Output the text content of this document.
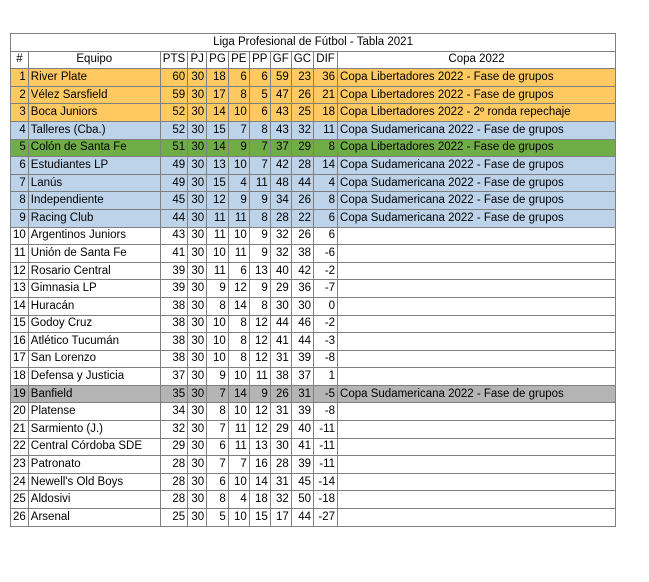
Liga Profesional de Fútbol - Tabla 2021										
#	Equipo	PTS	PJ	PG	PE	PP	GF	GC	DIF	Copa 2022
1	River Plate	60	30	18	6	6	59	23	36	Copa Libertadores 2022 - Fase de grupos
2	Vélez Sarsfield	59	30	17	8	5	47	26	21	Copa Libertadores 2022 - Fase de grupos
3	Boca Juniors	52	30	14	10	6	43	25	18	Copa Libertadores 2022 - 2º ronda repechaje
4	Talleres (Cba.)	52	30	15	7	8	43	32	11	Copa Sudamericana 2022 - Fase de grupos
5	Colón de Santa Fe	51	30	14	9	7	37	29	8	Copa Libertadores 2022 - Fase de grupos
6	Estudiantes LP	49	30	13	10	7	42	28	14	Copa Sudamericana 2022 - Fase de grupos
7	Lanús	49	30	15	4	11	48	44	4	Copa Sudamericana 2022 - Fase de grupos
8	Independiente	45	30	12	9	9	34	26	8	Copa Sudamericana 2022 - Fase de grupos
9	Racing Club	44	30	11	11	8	28	22	6	Copa Sudamericana 2022 - Fase de grupos
10	Argentinos Juniors	43	30	11	10	9	32	26	6	
11	Unión de Santa Fe	41	30	10	11	9	32	38	-6	
12	Rosario Central	39	30	11	6	13	40	42	-2	
13	Gimnasia LP	39	30	9	12	9	29	36	-7	
14	Huracán	38	30	8	14	8	30	30	0	
15	Godoy Cruz	38	30	10	8	12	44	46	-2	
16	Atlético Tucumán	38	30	10	8	12	41	44	-3	
17	San Lorenzo	38	30	10	8	12	31	39	-8	
18	Defensa y Justicia	37	30	9	10	11	38	37	1	
19	Banfield	35	30	7	14	9	26	31	-5	Copa Sudamericana 2022 - Fase de grupos
20	Platense	34	30	8	10	12	31	39	-8	
21	Sarmiento (J.)	32	30	7	11	12	29	40	-11	
22	Central Córdoba SDE	29	30	6	11	13	30	41	-11	
23	Patronato	28	30	7	7	16	28	39	-11	
24	Newell's Old Boys	28	30	6	10	14	31	45	-14	
25	Aldosivi	28	30	8	4	18	32	50	-18	
26	Arsenal	25	30	5	10	15	17	44	-27	
